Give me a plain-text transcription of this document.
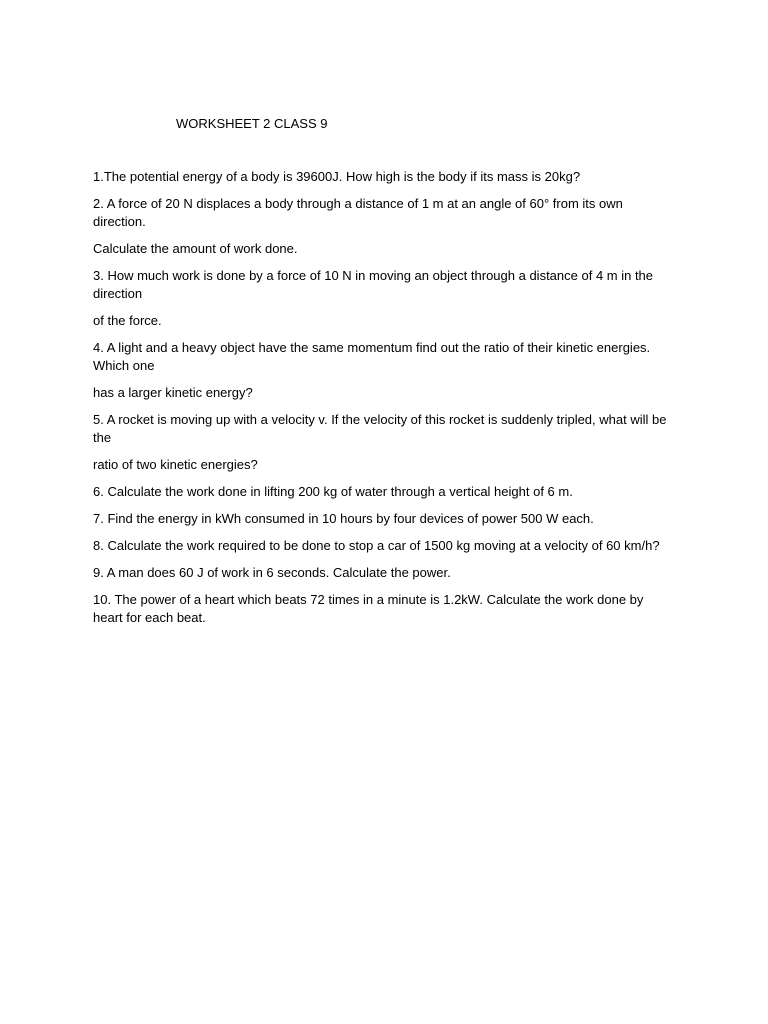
WORKSHEET 2 CLASS 9

1.The potential energy of a body is 39600J. How high is the body if its mass is 20kg?

2. A force of 20 N displaces a body through a distance of 1 m at an angle of 60° from its own
direction.

Calculate the amount of work done.

3. How much work is done by a force of 10 N in moving an object through a distance of 4 m in the
direction

of the force.

4. A light and a heavy object have the same momentum find out the ratio of their kinetic energies.
Which one

has a larger kinetic energy?

5. A rocket is moving up with a velocity v. If the velocity of this rocket is suddenly tripled, what will be
the

ratio of two kinetic energies?

6. Calculate the work done in lifting 200 kg of water through a vertical height of 6 m.

7. Find the energy in kWh consumed in 10 hours by four devices of power 500 W each.

8. Calculate the work required to be done to stop a car of 1500 kg moving at a velocity of 60 km/h?

9. A man does 60 J of work in 6 seconds. Calculate the power.

10. The power of a heart which beats 72 times in a minute is 1.2kW. Calculate the work done by
heart for each beat.
